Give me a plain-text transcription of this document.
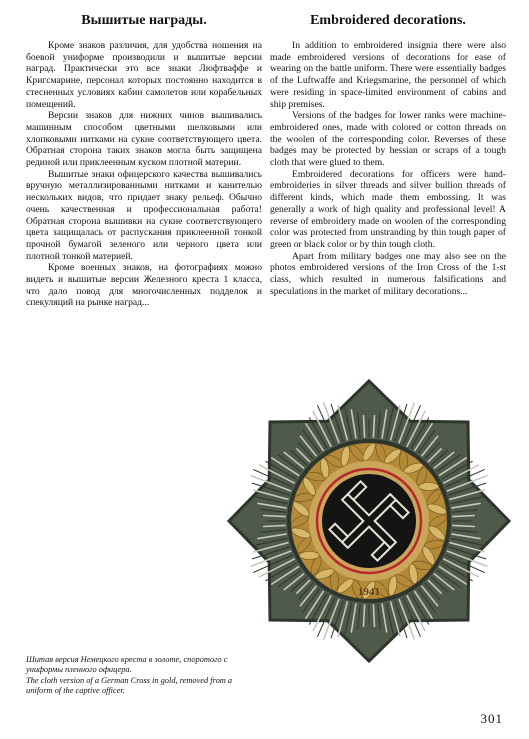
Вышитые награды.

Кроме знаков различия, для удобства ношения на боевой униформе производили и вышитые версии наград. Практически это все знаки Люфтваффе и Кригсмарине, персонал которых постоянно находится в стесненных условиях кабин самолетов или корабельных помещений.

Версии знаков для нижних чинов вышивались машинным способом цветными шелковыми или хлопковыми нитками на сукне соответствующего цвета. Обратная сторона таких знаков могла быть защищена рединой или приклеенным куском плотной материи.

Вышитые знаки офицерского качества вышивались вручную металлизированными нитками и канителью нескольких видов, что придает знаку рельеф. Обычно очень качественная и профессиональная работа! Обратная сторона вышивки на сукне соответствующего цвета защищалась от распускания приклеенной тонкой прочной бумагой зеленого или черного цвета или плотной тонкой материей.

Кроме военных знаков, на фотографиях можно видеть и вышитые версии Железного креста 1 класса, что дало повод для многочисленных подделок и спекуляций на рынке наград...

Embroidered decorations.

In addition to embroidered insignia there were also made embroidered versions of decorations for ease of wearing on the battle uniform. There were essentially badges of the Luftwaffe and Kriegsmarine, the personnel of which were residing in space-limited environment of cabins and ship premises.

Versions of the badges for lower ranks were machine-embroidered ones, made with colored or cotton threads on the woolen of the corresponding color. Reverses of these badges may be protected by hessian or scraps of a tough cloth that were glued to them.

Embroidered decorations for officers were hand-embroideries in silver threads and silver bullion threads of different kinds, which made them embossing. It was generally a work of high quality and professional level! A reverse of embroidery made on woolen of the corresponding color was protected from unstranding by thin tough paper of green or black color or by thin tough cloth.

Apart from military badges one may also see on the photos embroidered versions of the Iron Cross of the 1-st class, which resulted in numerous falsifications and speculations in the market of military decorations...

1941

Шитая версия Немецкого креста в золоте, споротого с униформы пленного офицера.

The cloth version of a German Cross in gold, removed from a uniform of the captive officer.

301
